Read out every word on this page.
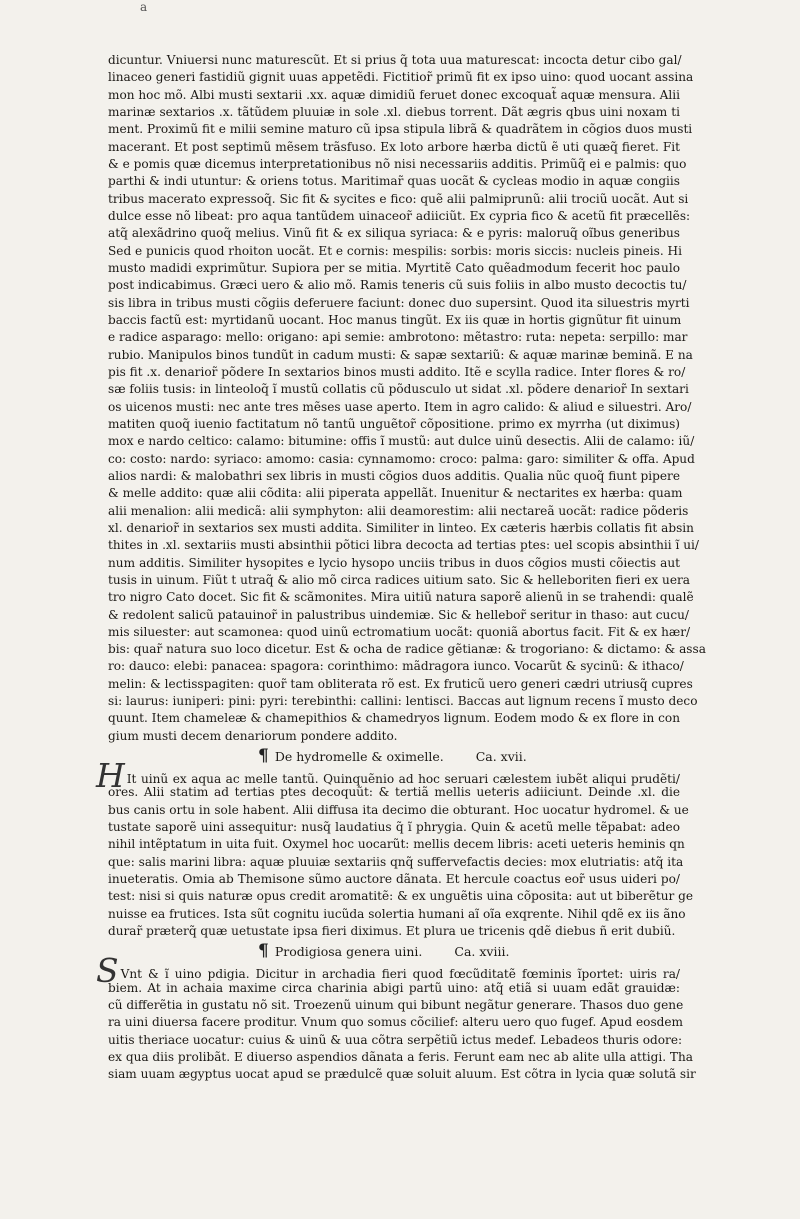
a
dicuntur. Vniuersi nunc maturescũt. Et si prius q̃ tota uua maturescat: incocta detur cibo gal/
linaceo generi fastidiũ gignit uuas appetẽdi. Fictitior̃ primũ fit ex ipso uino: quod uocant assina
mon hoc mõ. Albi musti sextarii .xx. aquæ dimidiũ feruet donec excoquat̃ aquæ mensura. Alii
marinæ sextarios .x. tãtũdem pluuiæ in sole .xl. diebus torrent. Dãt ægris qbus uini noxam ti
ment. Proximũ fit e milii semine maturo cũ ipsa stipula librã & quadrãtem in cõgios duos musti
macerant. Et post septimũ mẽsem trãsfuso. Ex loto arbore hærba dictũ ẽ uti quæq̃ fieret. Fit
& e pomis quæ dicemus interpretationibus nõ nisi necessariis additis. Primũq̃ ei e palmis: quo
parthi & indi utuntur: & oriens totus. Maritimar̃ quas uocãt & cycleas modio in aquæ congiis
tribus macerato expressoq̃. Sic fit & sycites e fico: quẽ alii palmiprunũ: alii trociũ uocãt. Aut si
dulce esse nõ libeat: pro aqua tantũdem uinaceor̃ adiiciũt. Ex cypria fico & acetũ fit præcellẽs:
atq̃ alexãdrino quoq̃ melius. Vinũ fit & ex siliqua syriaca: & e pyris: maloruq̃ oĩbus generibus
Sed e punicis quod rhoiton uocãt. Et e cornis: mespilis: sorbis: moris siccis: nucleis pineis. Hi
musto madidi exprimũtur. Supiora per se mitia. Myrtitẽ Cato quẽadmodum fecerit hoc paulo
post indicabimus. Græci uero & alio mõ. Ramis teneris cũ suis foliis in albo musto decoctis tu/
sis libra in tribus musti cõgiis deferuere faciunt: donec duo supersint. Quod ita siluestris myrti
baccis factũ est: myrtidanũ uocant. Hoc manus tingũt. Ex iis quæ in hortis gignũtur fit uinum
e radice asparago: mello: origano: api semie: ambrotono: mẽtastro: ruta: nepeta: serpillo: mar
rubio. Manipulos binos tundũt in cadum musti: & sapæ sextariũ: & aquæ marinæ beminã. E na
pis fit .x. denarior̃ põdere In sextarios binos musti addito. Itẽ e scylla radice. Inter flores & ro/
sæ foliis tusis: in linteoloq̃ ĩ mustũ collatis cũ põdusculo ut sidat .xl. põdere denarior̃ In sextari
os uicenos musti: nec ante tres mẽses uase aperto. Item in agro calido: & aliud e siluestri. Aro/
matiten quoq̃ iuenio factitatum nõ tantũ unguẽtor̃ cõpositione. primo ex myrrha (ut diximus)
mox e nardo celtico: calamo: bitumine: offis ĩ mustũ: aut dulce uinũ desectis. Alii de calamo: iũ/
co: costo: nardo: syriaco: amomo: casia: cynnamomo: croco: palma: garo: similiter & offa. Apud
alios nardi: & malobathri sex libris in musti cõgios duos additis. Qualia nũc quoq̃ fiunt pipere
& melle addito: quæ alii cõdita: alii piperata appellãt. Inuenitur & nectarites ex hærba: quam
alii menalion: alii medicã: alii symphyton: alii deamorestim: alii nectareã uocãt: radice põderis
xl. denarior̃ in sextarios sex musti addita. Similiter in linteo. Ex cæteris hærbis collatis fit absin
thites in .xl. sextariis musti absinthii põtici libra decocta ad tertias ptes: uel scopis absinthii ĩ ui/
num additis. Similiter hysopites e lycio hysopo unciis tribus in duos cõgios musti cõiectis aut
tusis in uinum. Fiũt t utraq̃ & alio mõ circa radices uitium sato. Sic & helleboriten fieri ex uera
tro nigro Cato docet. Sic fit & scãmonites. Mira uitiũ natura saporẽ alienũ in se trahendi: qualẽ
& redolent salicũ patauinor̃ in palustribus uindemiæ. Sic & hellebor̃ seritur in thaso: aut cucu/
mis siluester: aut scamonea: quod uinũ ectromatium uocãt: quoniã abortus facit. Fit & ex hær/
bis: quar̃ natura suo loco dicetur. Est & ocha de radice gẽtianæ: & trogoriano: & dictamo: & assa
ro: dauco: elebi: panacea: spagora: corinthimo: mãdragora iunco. Vocarũt & sycinũ: & ithaco/
melin: & lectisspagiten: quor̃ tam obliterata rõ est. Ex fruticũ uero generi cædri utriusq̃ cupres
si: laurus: iuniperi: pini: pyri: terebinthi: callini: lentisci. Baccas aut lignum recens ĩ musto deco
quunt. Item chameleæ & chamepithios & chamedryos lignum. Eodem modo & ex flore in con
gium musti decem denariorum pondere addito.
¶ De hydromelle & oximelle.	Ca. xvii.
H It uinũ ex aqua ac melle tantũ. Quinquẽnio ad hoc seruari cælestem iubẽt aliqui prudẽti/
ores. Alii statim ad tertias ptes decoquũt: & tertiã mellis ueteris adiiciunt. Deinde .xl. die
bus canis ortu in sole habent. Alii diffusa ita decimo die obturant. Hoc uocatur hydromel. & ue
tustate saporẽ uini assequitur: nusq̃ laudatius q̃ ĩ phrygia. Quin & acetũ melle tẽpabat: adeo
nihil intẽptatum in uita fuit. Oxymel hoc uocarũt: mellis decem libris: aceti ueteris heminis qn
que: salis marini libra: aquæ pluuiæ sextariis qnq̃ suffervefactis decies: mox elutriatis: atq̃ ita
inueteratis. Omia ab Themisone sũmo auctore dãnata. Et hercule coactus eor̃ usus uideri po/
test: nisi si quis naturæ opus credit aromatitẽ: & ex unguẽtis uina cõposita: aut ut biberẽtur ge
nuisse ea frutices. Ista sũt cognitu iucũda solertia humani aĩ oĩa exqrente. Nihil qdẽ ex iis ãno
durar̃ præterq̃ quæ uetustate ipsa fieri diximus. Et plura ue tricenis qdẽ diebus ñ erit dubiũ.
¶ Prodigiosa genera uini.	Ca. xviii.
S Vnt & ĩ uino pdigia. Dicitur in archadia fieri quod fœcũditatẽ fœminis ĩportet: uiris ra/
biem. At in achaia maxime circa charinia abigi partũ uino: atq̃ etiã si uuam edãt grauidæ:
cũ differẽtia in gustatu nõ sit. Troezenũ uinum qui bibunt negãtur generare. Thasos duo gene
ra uini diuersa facere proditur. Vnum quo somus cõcilief: alteru uero quo fugef. Apud eosdem
uitis theriace uocatur: cuius & uinũ & uua cõtra serpẽtiũ ictus medef. Lebadeos thuris odore:
ex qua diis prolibãt. E diuerso aspendios dãnata a feris. Ferunt eam nec ab alite ulla attigi. Tha
siam uuam ægyptus uocat apud se prædulcẽ quæ soluit aluum. Est cõtra in lycia quæ solutã sir
